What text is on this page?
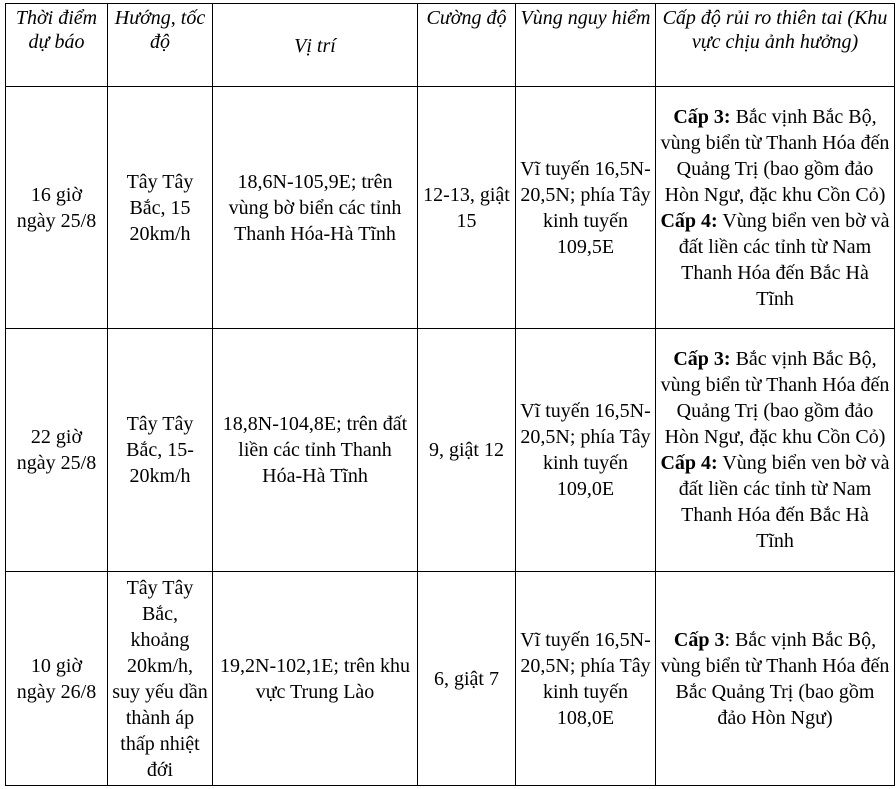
Thời điểm dự báo	Hướng, tốc độ	Vị trí	Cường độ	Vùng nguy hiểm	Cấp độ rủi ro thiên tai (Khu vực chịu ảnh hưởng)
16 giờ ngày 25/8	Tây Tây Bắc, 15 20km/h	18,6N-105,9E; trên vùng bờ biển các tỉnh Thanh Hóa-Hà Tĩnh	12-13, giật 15	Vĩ tuyến 16,5N-20,5N; phía Tây kinh tuyến 109,5E	Cấp 3: Bắc vịnh Bắc Bộ, vùng biển từ Thanh Hóa đến Quảng Trị (bao gồm đảo Hòn Ngư, đặc khu Cồn Cỏ)
Cấp 4: Vùng biển ven bờ và đất liền các tỉnh từ Nam Thanh Hóa đến Bắc Hà Tĩnh

22 giờ ngày 25/8	Tây Tây Bắc, 15-20km/h	18,8N-104,8E; trên đất liền các tỉnh Thanh Hóa-Hà Tĩnh	9, giật 12	Vĩ tuyến 16,5N-20,5N; phía Tây kinh tuyến 109,0E	Cấp 3: Bắc vịnh Bắc Bộ, vùng biển từ Thanh Hóa đến Quảng Trị (bao gồm đảo Hòn Ngư, đặc khu Cồn Cỏ)
Cấp 4: Vùng biển ven bờ và đất liền các tỉnh từ Nam Thanh Hóa đến Bắc Hà Tĩnh

10 giờ ngày 26/8	Tây Tây Bắc, khoảng 20km/h, suy yếu dần thành áp thấp nhiệt đới	19,2N-102,1E; trên khu vực Trung Lào	6, giật 7	Vĩ tuyến 16,5N-20,5N; phía Tây kinh tuyến 108,0E	Cấp 3: Bắc vịnh Bắc Bộ, vùng biển từ Thanh Hóa đến Bắc Quảng Trị (bao gồm đảo Hòn Ngư)
